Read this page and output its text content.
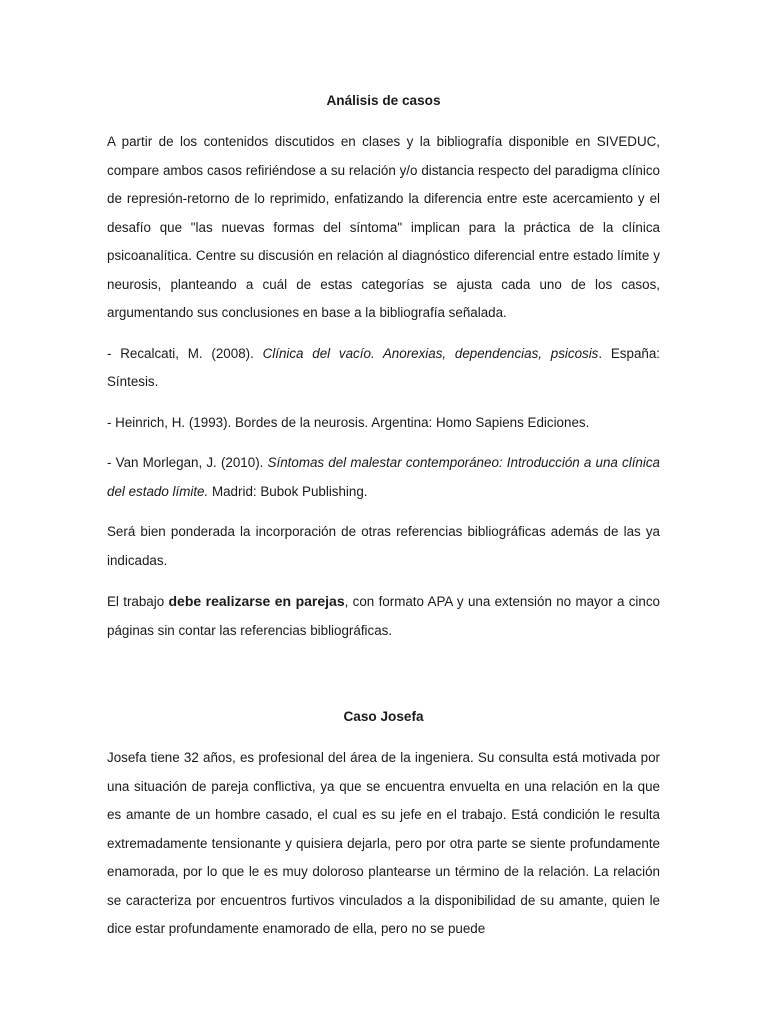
Análisis de casos

A partir de los contenidos discutidos en clases y la bibliografía disponible en SIVEDUC, compare ambos casos refiriéndose a su relación y/o distancia respecto del paradigma clínico de represión-retorno de lo reprimido, enfatizando la diferencia entre este acercamiento y el desafío que "las nuevas formas del síntoma" implican para la práctica de la clínica psicoanalítica. Centre su discusión en relación al diagnóstico diferencial entre estado límite y neurosis, planteando a cuál de estas categorías se ajusta cada uno de los casos, argumentando sus conclusiones en base a la bibliografía señalada.

- Recalcati, M. (2008). Clínica del vacío. Anorexias, dependencias, psicosis. España: Síntesis.

- Heinrich, H. (1993). Bordes de la neurosis. Argentina: Homo Sapiens Ediciones.

- Van Morlegan, J. (2010). Síntomas del malestar contemporáneo: Introducción a una clínica del estado límite. Madrid: Bubok Publishing.

Será bien ponderada la incorporación de otras referencias bibliográficas además de las ya indicadas.

El trabajo debe realizarse en parejas, con formato APA y una extensión no mayor a cinco páginas sin contar las referencias bibliográficas.

Caso Josefa

Josefa tiene 32 años, es profesional del área de la ingeniera. Su consulta está motivada por una situación de pareja conflictiva, ya que se encuentra envuelta en una relación en la que es amante de un hombre casado, el cual es su jefe en el trabajo. Está condición le resulta extremadamente tensionante y quisiera dejarla, pero por otra parte se siente profundamente enamorada, por lo que le es muy doloroso plantearse un término de la relación. La relación se caracteriza por encuentros furtivos vinculados a la disponibilidad de su amante, quien le dice estar profundamente enamorado de ella, pero no se puede
